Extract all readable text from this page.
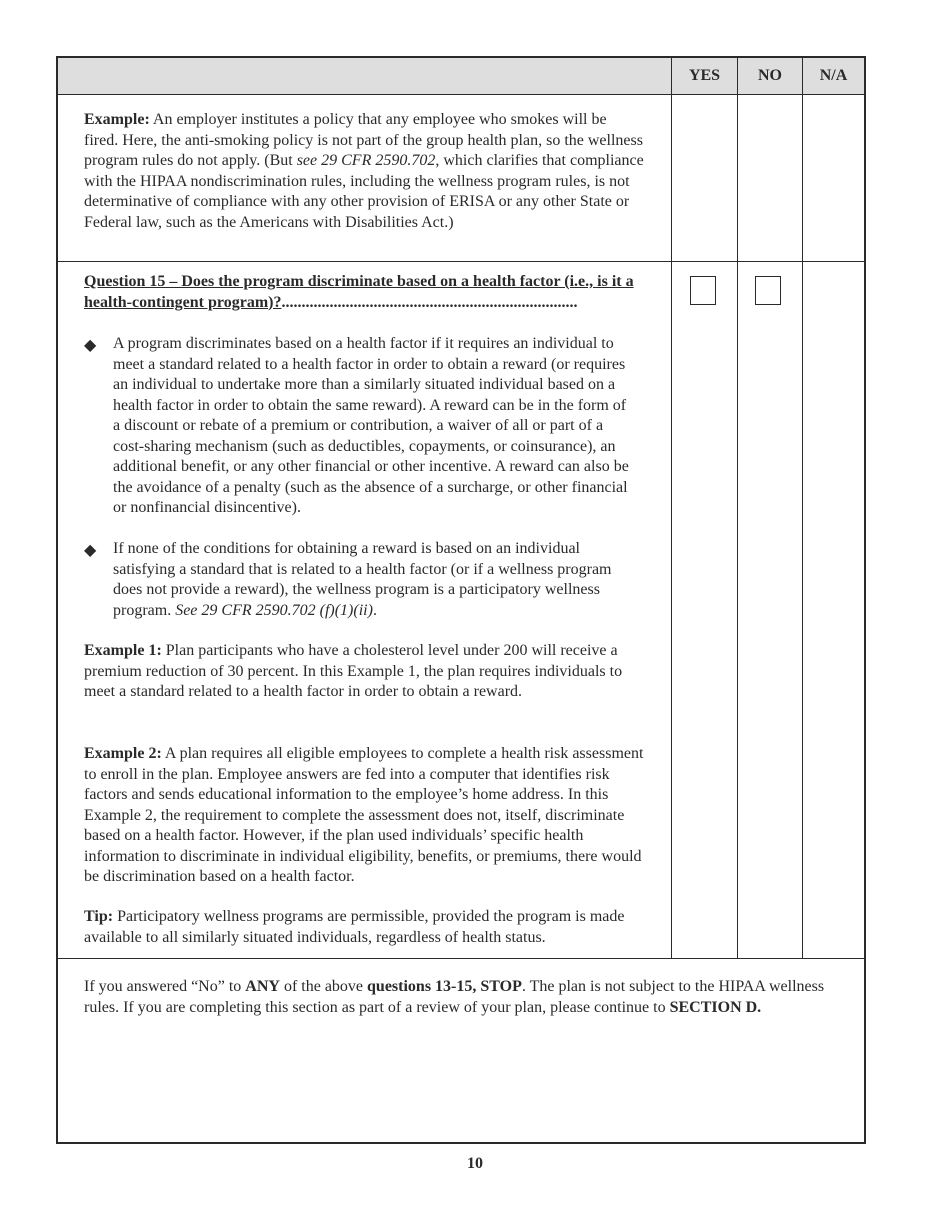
YES	NO	N/A
Example: An employer institutes a policy that any employee who smokes will be fired. Here, the anti-smoking policy is not part of the group health plan, so the wellness program rules do not apply. (But see 29 CFR 2590.702, which clarifies that compliance with the HIPAA nondiscrimination rules, including the wellness program rules, is not determinative of compliance with any other provision of ERISA or any other State or Federal law, such as the Americans with Disabilities Act.)
Question 15 – Does the program discriminate based on a health factor (i.e., is it a health-contingent program)?..........................................................................
◆	A program discriminates based on a health factor if it requires an individual to meet a standard related to a health factor in order to obtain a reward (or requires an individual to undertake more than a similarly situated individual based on a health factor in order to obtain the same reward). A reward can be in the form of a discount or rebate of a premium or contribution, a waiver of all or part of a cost-sharing mechanism (such as deductibles, copayments, or coinsurance), an additional benefit, or any other financial or other incentive. A reward can also be the avoidance of a penalty (such as the absence of a surcharge, or other financial or nonfinancial disincentive).
◆	If none of the conditions for obtaining a reward is based on an individual satisfying a standard that is related to a health factor (or if a wellness program does not provide a reward), the wellness program is a participatory wellness program. See 29 CFR 2590.702 (f)(1)(ii).
Example 1: Plan participants who have a cholesterol level under 200 will receive a premium reduction of 30 percent. In this Example 1, the plan requires individuals to meet a standard related to a health factor in order to obtain a reward.
Example 2: A plan requires all eligible employees to complete a health risk assessment to enroll in the plan. Employee answers are fed into a computer that identifies risk factors and sends educational information to the employee’s home address. In this Example 2, the requirement to complete the assessment does not, itself, discriminate based on a health factor. However, if the plan used individuals’ specific health information to discriminate in individual eligibility, benefits, or premiums, there would be discrimination based on a health factor.
Tip: Participatory wellness programs are permissible, provided the program is made available to all similarly situated individuals, regardless of health status.
If you answered “No” to ANY of the above questions 13-15, STOP. The plan is not subject to the HIPAA wellness rules. If you are completing this section as part of a review of your plan, please continue to SECTION D.
10
